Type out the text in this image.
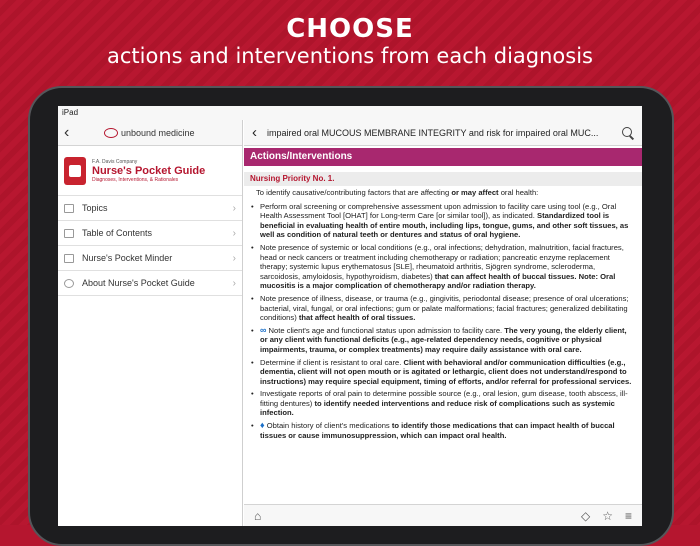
CHOOSE
actions and interventions from each diagnosis
iPad
‹	unbound medicine
F.A. Davis Company
Nurse's Pocket Guide
Diagnoses, Interventions, & Rationales
Topics	›
Table of Contents	›
Nurse's Pocket Minder	›
About Nurse's Pocket Guide	›
‹ impaired oral MUCOUS MEMBRANE INTEGRITY and risk for impaired oral MUC...
Actions/Interventions
Nursing Priority No. 1.
To identify causative/contributing factors that are affecting or may affect oral health:
• Perform oral screening or comprehensive assessment upon admission to facility care using tool (e.g., Oral Health Assessment Tool [OHAT] for Long-term Care [or similar tool]), as indicated. Standardized tool is beneficial in evaluating health of entire mouth, including lips, tongue, gums, and other soft tissues, as well as condition of natural teeth or dentures and status of oral hygiene.
• Note presence of systemic or local conditions (e.g., oral infections; dehydration, malnutrition, facial fractures, head or neck cancers or treatment including chemotherapy or radiation; pancreatic enzyme replacement therapy; systemic lupus erythematosus [SLE], rheumatoid arthritis, Sjögren syndrome, scleroderma, sarcoidosis, amyloidosis, hypothyroidism, diabetes) that can affect health of buccal tissues. Note: Oral mucositis is a major complication of chemotherapy and/or radiation therapy.
• Note presence of illness, disease, or trauma (e.g., gingivitis, periodontal disease; presence of oral ulcerations; bacterial, viral, fungal, or oral infections; gum or palate malformations; facial fractures; generalized debilitating conditions) that affect health of oral tissues.
• ∞ Note client's age and functional status upon admission to facility care. The very young, the elderly client, or any client with functional deficits (e.g., age-related dependency needs, cognitive or physical impairments, trauma, or complex treatments) may require daily assistance with oral care.
• Determine if client is resistant to oral care. Client with behavioral and/or communication difficulties (e.g., dementia, client will not open mouth or is agitated or lethargic, client does not understand/respond to instructions) may require special equipment, timing of efforts, and/or referral for professional services.
• Investigate reports of oral pain to determine possible source (e.g., oral lesion, gum disease, tooth abscess, ill-fitting dentures) to identify needed interventions and reduce risk of complications such as systemic infection.
• ♦ Obtain history of client's medications to identify those medications that can impact health of buccal tissues or cause immunosuppression, which can impact oral health.
⌂	◇ ☆ ≡
